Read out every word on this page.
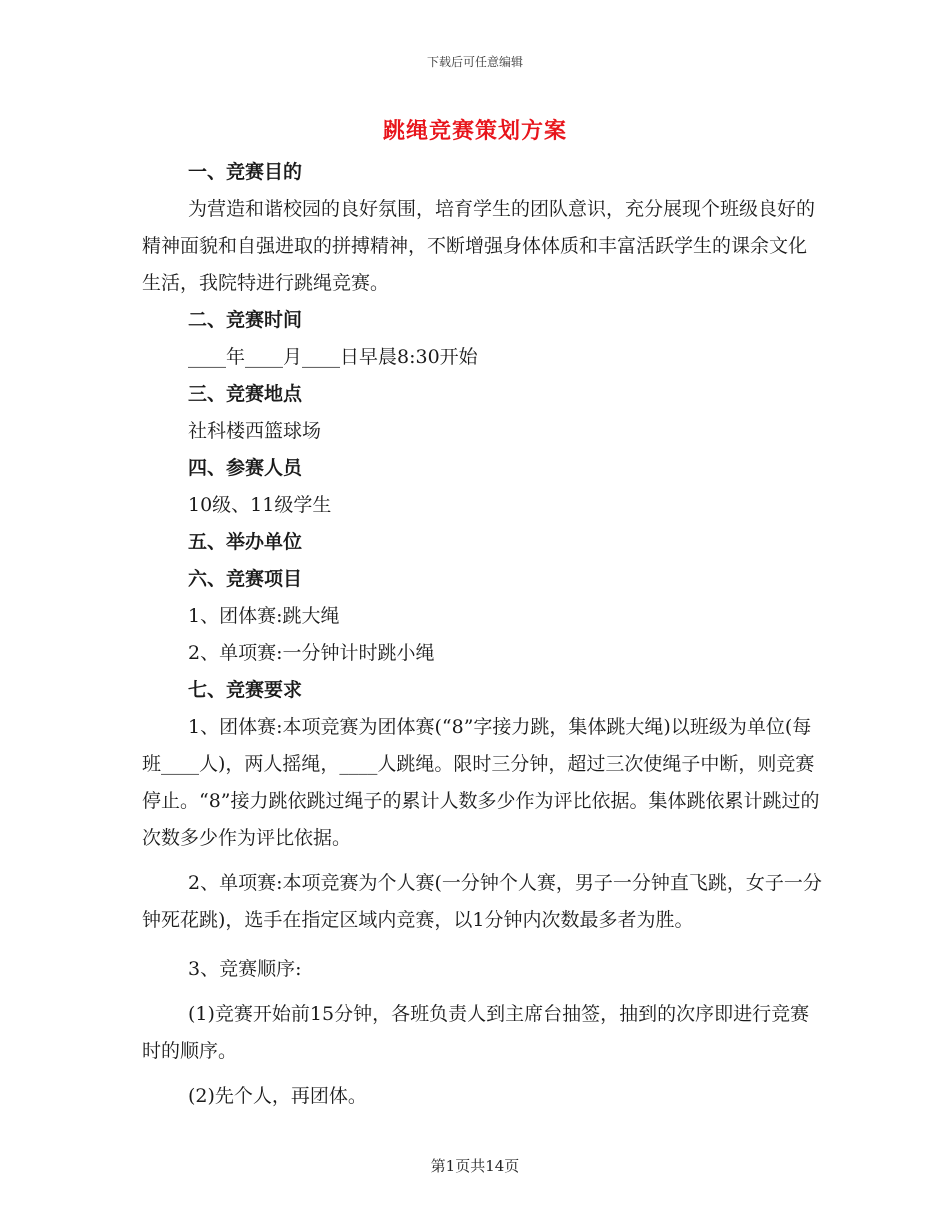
下载后可任意编辑
跳绳竞赛策划方案

一、竞赛目的

为营造和谐校园的良好氛围，培育学生的团队意识，充分展现个班级良好的精神面貌和自强进取的拼搏精神，不断增强身体体质和丰富活跃学生的课余文化生活，我院特进行跳绳竞赛。

二、竞赛时间

____年____月____日早晨8:30开始

三、竞赛地点

社科楼西篮球场

四、参赛人员

10级、11级学生

五、举办单位

六、竞赛项目

1、团体赛:跳大绳

2、单项赛:一分钟计时跳小绳

七、竞赛要求

1、团体赛:本项竞赛为团体赛(“8”字接力跳，集体跳大绳)以班级为单位(每班____人)，两人摇绳，____人跳绳。限时三分钟，超过三次使绳子中断，则竞赛停止。“8”接力跳依跳过绳子的累计人数多少作为评比依据。集体跳依累计跳过的次数多少作为评比依据。

2、单项赛:本项竞赛为个人赛(一分钟个人赛，男子一分钟直飞跳，女子一分钟死花跳)，选手在指定区域内竞赛，以1分钟内次数最多者为胜。

3、竞赛顺序:

(1)竞赛开始前15分钟，各班负责人到主席台抽签，抽到的次序即进行竞赛时的顺序。

(2)先个人，再团体。

第1页共14页
